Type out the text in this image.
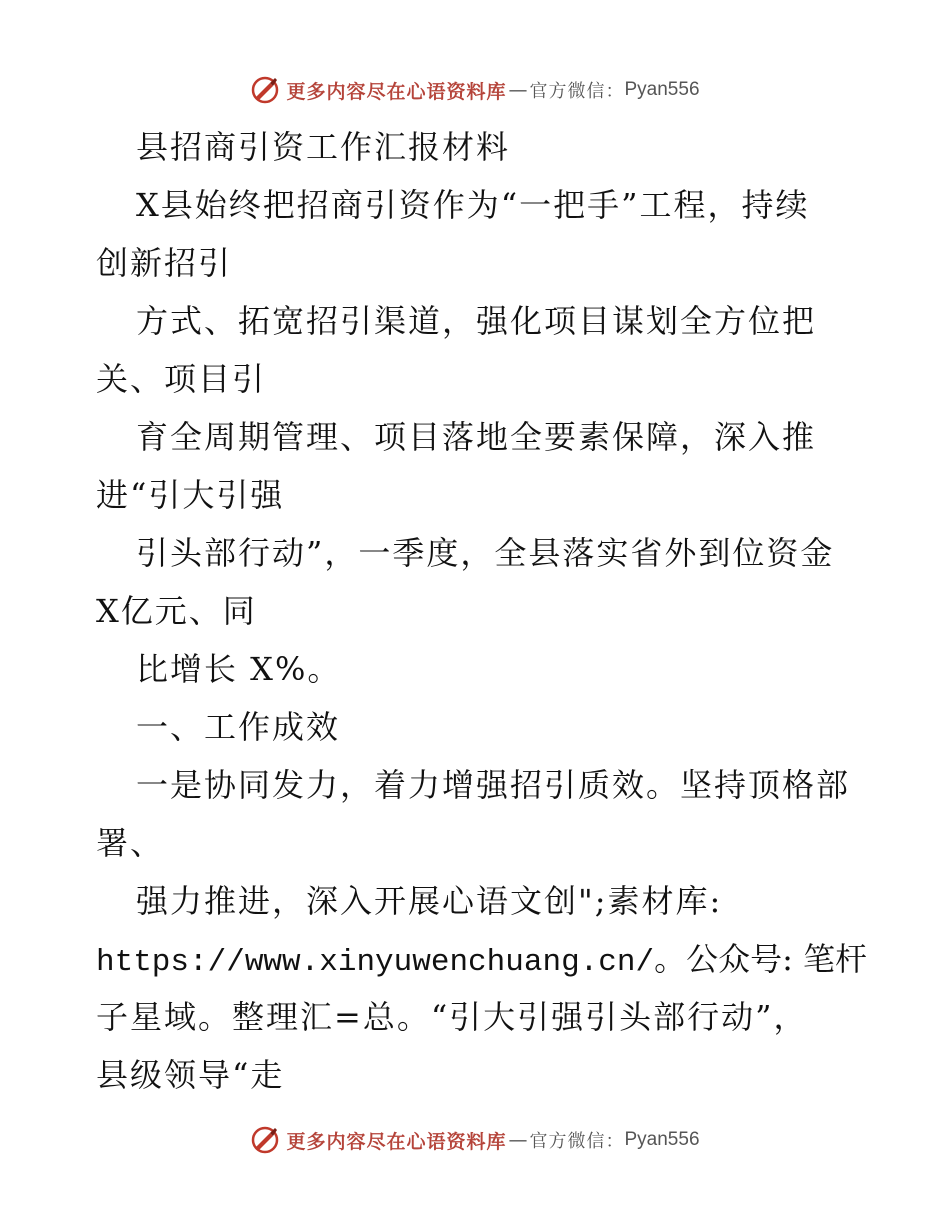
更多内容尽在心语资料库 — 官方微信： Pyan556
县招商引资工作汇报材料
X县始终把招商引资作为“一把手”工程，持续
创新招引
方式、拓宽招引渠道，强化项目谋划全方位把
关、项目引
育全周期管理、项目落地全要素保障，深入推
进“引大引强
引头部行动”，一季度，全县落实省外到位资金
X亿元、同
比增长 X%。
一、工作成效
一是协同发力，着力增强招引质效。坚持顶格部
署、
强力推进，深入开展心语文创";素材库:
https://www.xinyuwenchuang.cn/。公众号: 笔杆
子星域。整理汇=总。“引大引强引头部行动”，
县级领导“走
更多内容尽在心语资料库 — 官方微信： Pyan556
